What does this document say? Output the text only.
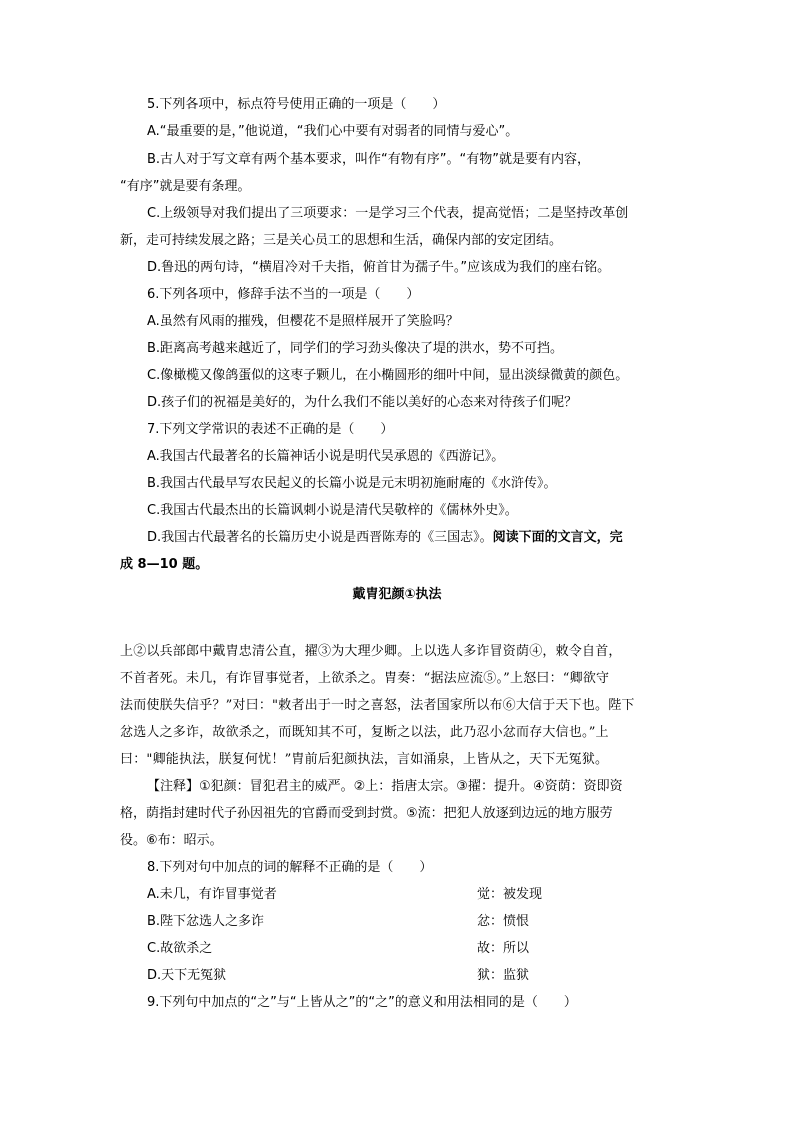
5.下列各项中，标点符号使用正确的一项是（　　）
A.“最重要的是，”他说道，“我们心中要有对弱者的同情与爱心”。
B.古人对于写文章有两个基本要求，叫作“有物有序”。“有物”就是要有内容，
“有序”就是要有条理。
C.上级领导对我们提出了三项要求：一是学习三个代表，提高觉悟；二是坚持改革创
新，走可持续发展之路；三是关心员工的思想和生活，确保内部的安定团结。
D.鲁迅的两句诗，“横眉冷对千夫指，俯首甘为孺子牛。”应该成为我们的座右铭。
6.下列各项中，修辞手法不当的一项是（　　）
A.虽然有风雨的摧残，但樱花不是照样展开了笑脸吗？
B.距离高考越来越近了，同学们的学习劲头像决了堤的洪水，势不可挡。
C.像橄榄又像鸽蛋似的这枣子颗儿，在小椭圆形的细叶中间，显出淡绿微黄的颜色。
D.孩子们的祝福是美好的，为什么我们不能以美好的心态来对待孩子们呢？
7.下列文学常识的表述不正确的是（　　）
A.我国古代最著名的长篇神话小说是明代吴承恩的《西游记》。
B.我国古代最早写农民起义的长篇小说是元末明初施耐庵的《水浒传》。
C.我国古代最杰出的长篇讽刺小说是清代吴敬梓的《儒林外史》。
D.我国古代最著名的长篇历史小说是西晋陈寿的《三国志》。阅读下面的文言文，完
成 8—10 题。
戴胄犯颜①执法
上②以兵部郎中戴胄忠清公直，擢③为大理少卿。上以选人多诈冒资荫④，敕令自首，
不首者死。未几，有诈冒事觉者，上欲杀之。胄奏：“据法应流⑤。”上怒曰：“卿欲守
法而使朕失信乎？”对曰："敕者出于一时之喜怒，法者国家所以布⑥大信于天下也。陛下
忿选人之多诈，故欲杀之，而既知其不可，复断之以法，此乃忍小忿而存大信也。”上
曰："卿能执法，朕复何忧！”胄前后犯颜执法，言如涌泉，上皆从之，天下无冤狱。
【注释】①犯颜：冒犯君主的威严。②上：指唐太宗。③擢：提升。④资荫：资即资
格，荫指封建时代子孙因祖先的官爵而受到封赏。⑤流：把犯人放逐到边远的地方服劳
役。⑥布：昭示。
8.下列对句中加点的词的解释不正确的是（　　）
A.未几，有诈冒事觉者	觉：被发现
B.陛下忿选人之多诈	忿：愤恨
C.故欲杀之	故：所以
D.天下无冤狱	狱：监狱
9.下列句中加点的“之”与“上皆从之”的“之”的意义和用法相同的是（　　）
